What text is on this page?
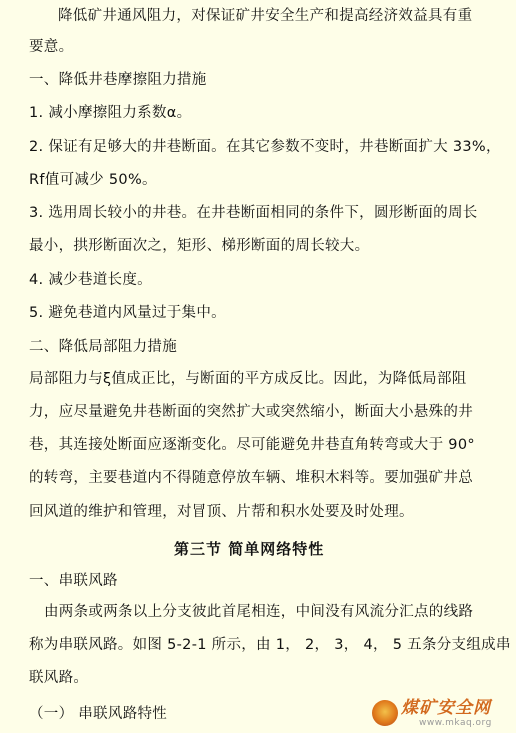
降低矿井通风阻力，对保证矿井安全生产和提高经济效益具有重
要意。
一、降低井巷摩擦阻力措施
1. 减小摩擦阻力系数α。
2. 保证有足够大的井巷断面。在其它参数不变时，井巷断面扩大 33%，
Rf值可减少 50%。
3. 选用周长较小的井巷。在井巷断面相同的条件下，圆形断面的周长
最小，拱形断面次之，矩形、梯形断面的周长较大。
4. 减少巷道长度。
5. 避免巷道内风量过于集中。
二、降低局部阻力措施
局部阻力与ξ值成正比，与断面的平方成反比。因此，为降低局部阻
力，应尽量避免井巷断面的突然扩大或突然缩小，断面大小悬殊的井
巷，其连接处断面应逐渐变化。尽可能避免井巷直角转弯或大于 90°
的转弯，主要巷道内不得随意停放车辆、堆积木料等。要加强矿井总
回风道的维护和管理，对冒顶、片帮和积水处要及时处理。
第三节 简单网络特性
一、串联风路
由两条或两条以上分支彼此首尾相连，中间没有风流分汇点的线路
称为串联风路。如图 5-2-1 所示，由 1， 2， 3， 4， 5 五条分支组成串
联风路。
（一） 串联风路特性	煤矿安全网
www.mkaq.org
